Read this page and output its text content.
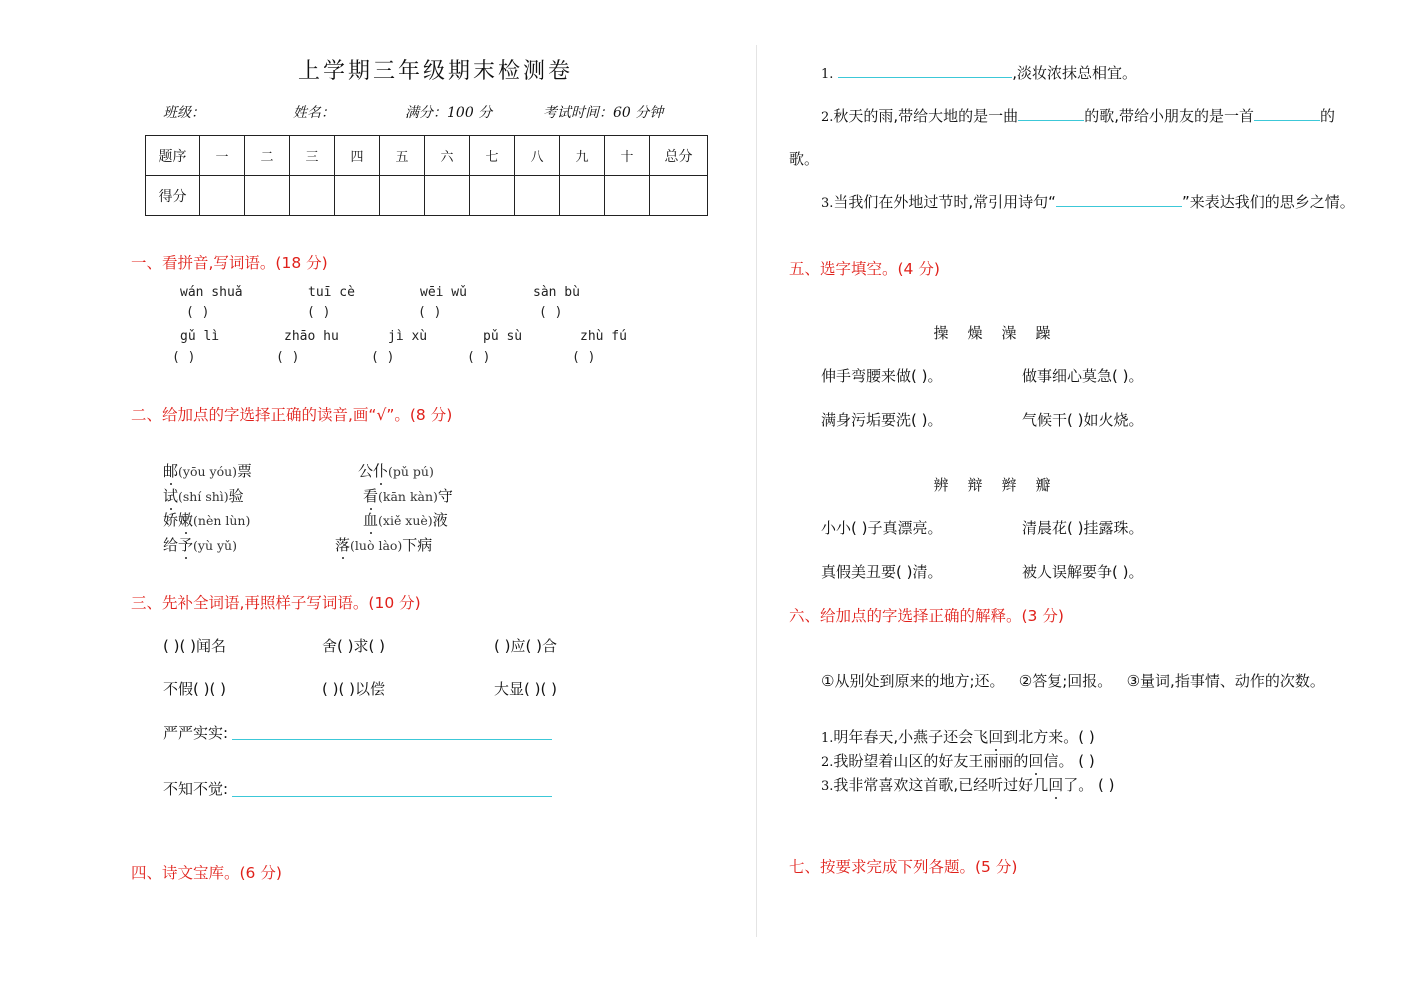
上学期三年级期末检测卷
班级：	姓名：	满分：100 分	考试时间：60 分钟
题序	一	二	三	四	五	六	七	八	九	十	总分
得分											
一、看拼音,写词语。(18 分)
wán shuǎ	tuī cè	wēi wǔ	sàn bù
( )	( )	( )	( )
gǔ lì	zhāo hu	jì xù	pǔ sù	zhù fú
( )	( )	( )	( )	( )
二、给加点的字选择正确的读音,画“√”。(8 分)
邮(yōu yóu)票	公仆(pǔ pú)
试(shí shì)验	看(kān kàn)守
娇嫩(nèn lùn)	血(xiě xuè)液
给予(yù yǔ)	落(luò lào)下病
三、先补全词语,再照样子写词语。(10 分)
( )( )闻名	舍( )求( )	( )应( )合
不假( )( )	( )( )以偿	大显( )( )
严严实实:
不知不觉:
四、诗文宝库。(6 分)
1.	,淡妆浓抹总相宜。
2.秋天的雨,带给大地的是一曲	的歌,带给小朋友的是一首	的
歌。
3.当我们在外地过节时,常引用诗句“	”来表达我们的思乡之情。
五、选字填空。(4 分)
操 燥 澡 躁
伸手弯腰来做( )。	做事细心莫急( )。
满身污垢要洗( )。	气候干( )如火烧。
辨 辩 辫 瓣
小小( )子真漂亮。	清晨花( )挂露珠。
真假美丑要( )清。	被人误解要争( )。
六、给加点的字选择正确的解释。(3 分)
①从别处到原来的地方;还。   ②答复;回报。   ③量词,指事情、动作的次数。
1.明年春天,小燕子还会飞回到北方来。( )
2.我盼望着山区的好友王丽丽的回信。 ( )
3.我非常喜欢这首歌,已经听过好几回了。 ( )
七、按要求完成下列各题。(5 分)
